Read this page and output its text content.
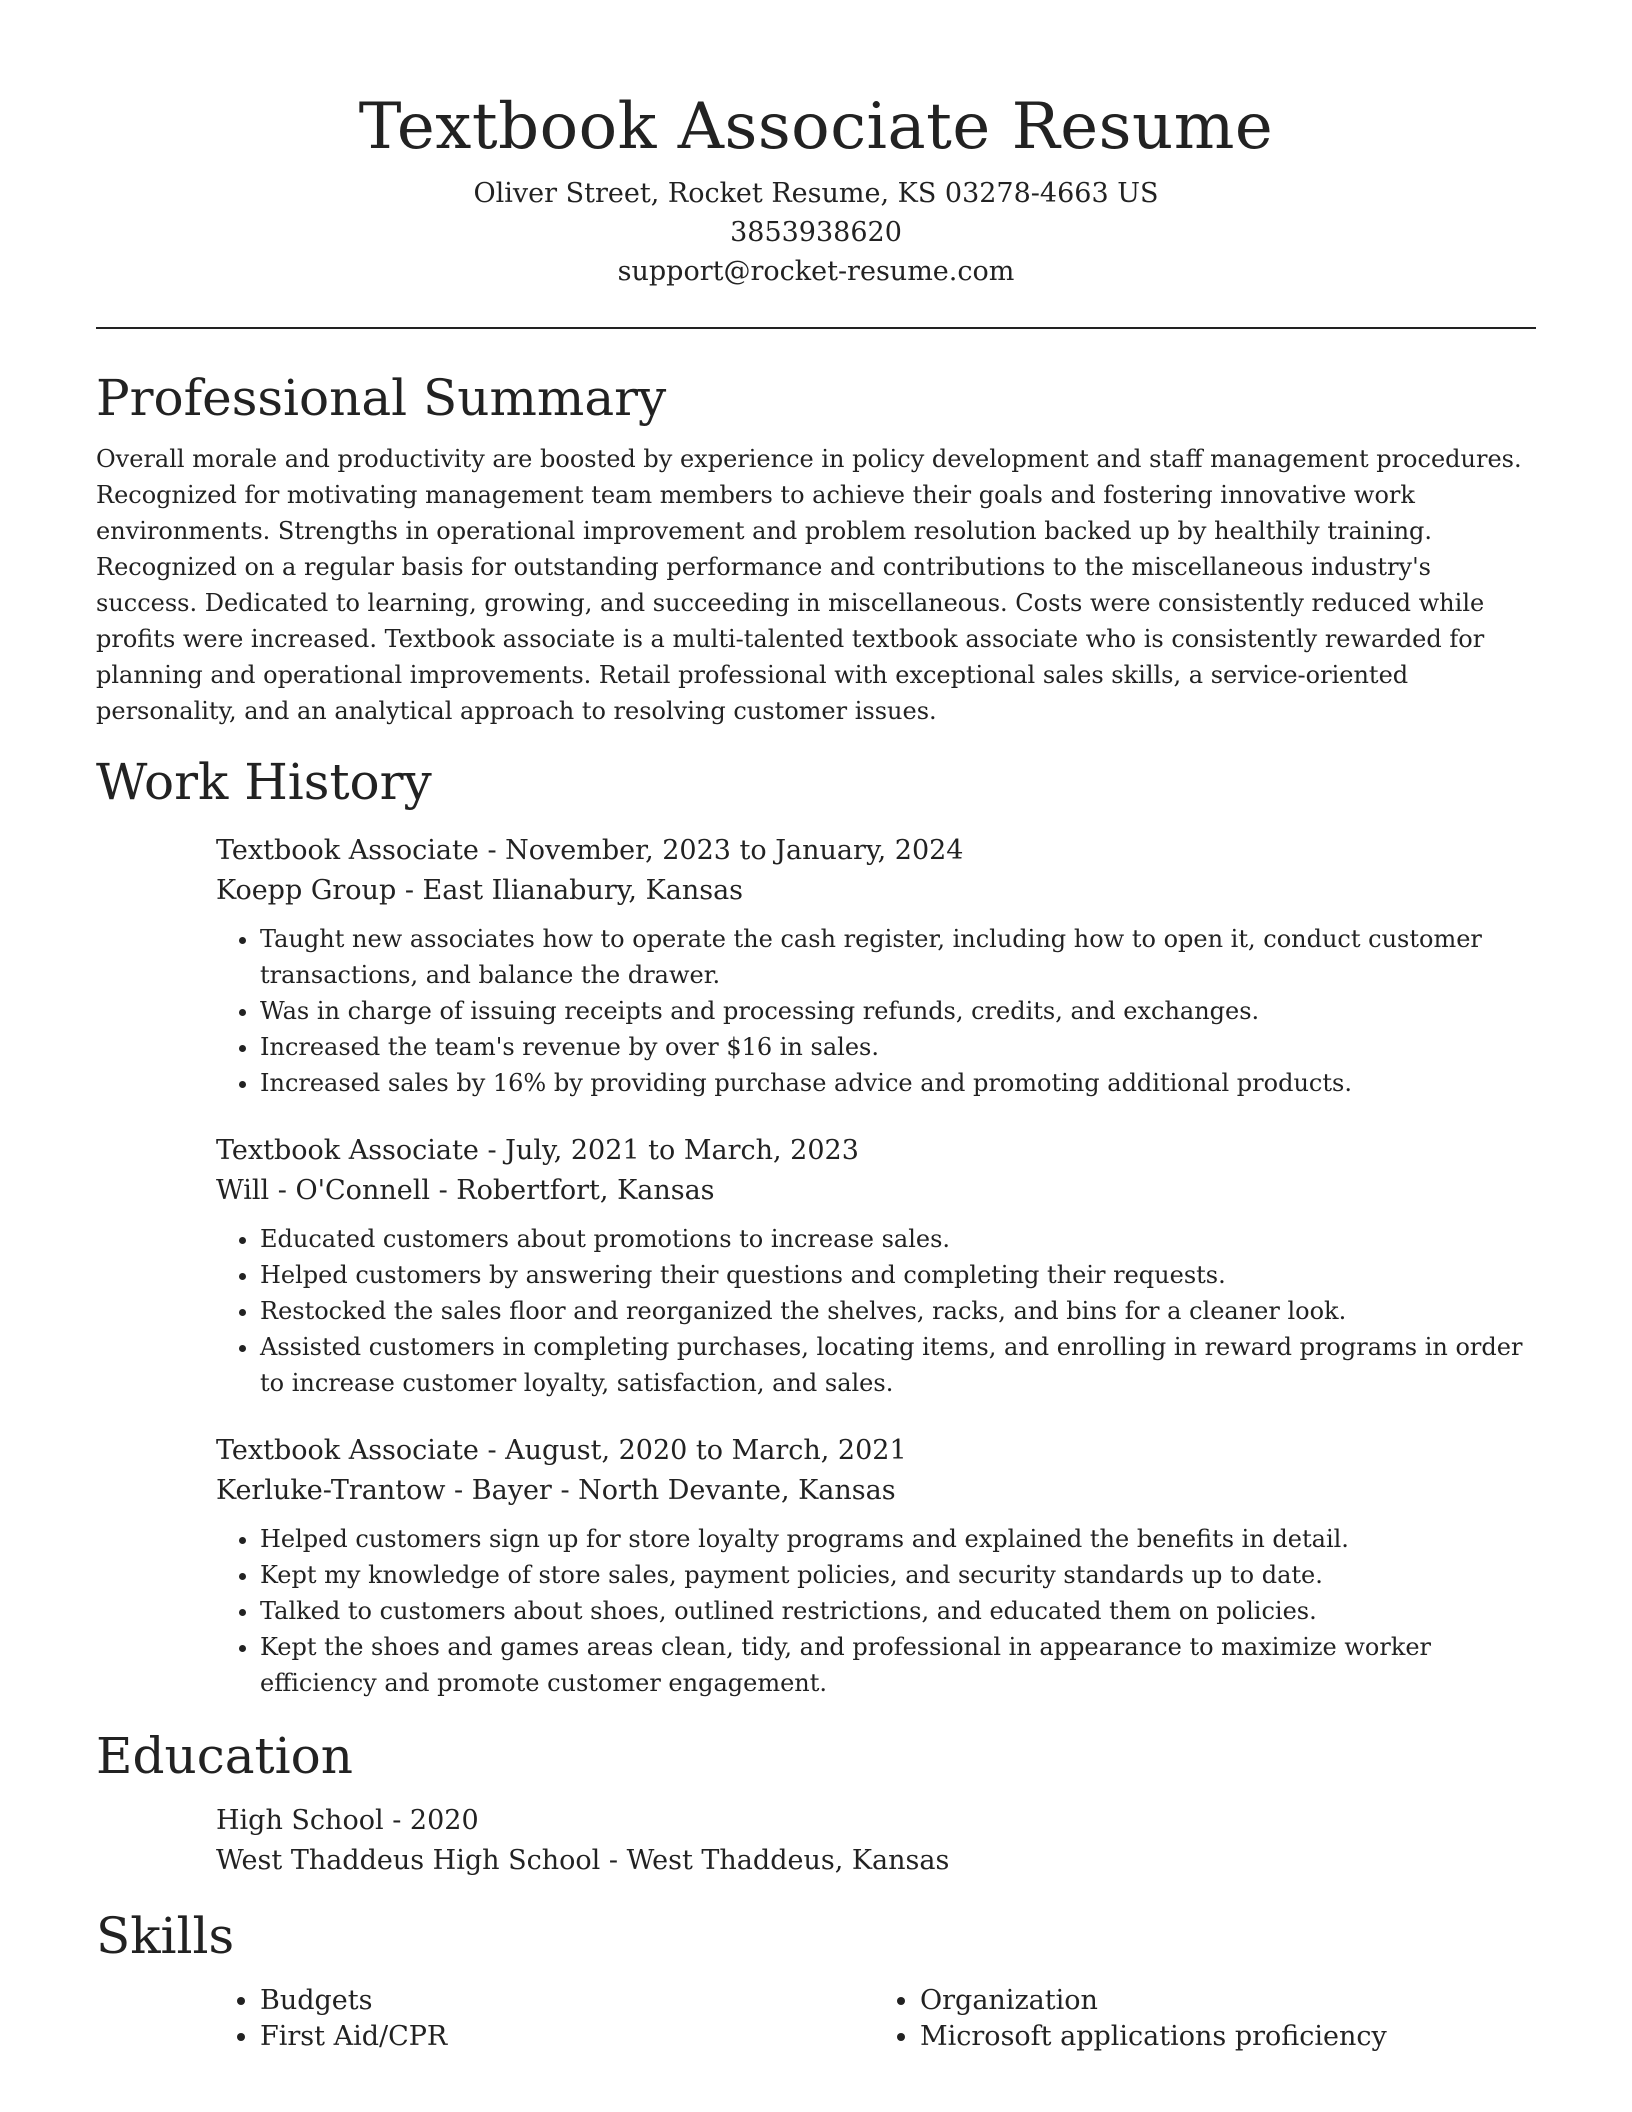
Textbook Associate Resume
Oliver Street, Rocket Resume, KS 03278-4663 US
3853938620
support@rocket-resume.com
Professional Summary

Overall morale and productivity are boosted by experience in policy development and staff management procedures. Recognized for motivating management team members to achieve their goals and fostering innovative work environments. Strengths in operational improvement and problem resolution backed up by healthily training. Recognized on a regular basis for outstanding performance and contributions to the miscellaneous industry's success. Dedicated to learning, growing, and succeeding in miscellaneous. Costs were consistently reduced while profits were increased. Textbook associate is a multi-talented textbook associate who is consistently rewarded for planning and operational improvements. Retail professional with exceptional sales skills, a service-oriented personality, and an analytical approach to resolving customer issues.

Work History
Textbook Associate - November, 2023 to January, 2024
Koepp Group - East Ilianabury, Kansas
• Taught new associates how to operate the cash register, including how to open it, conduct customer transactions, and balance the drawer.
• Was in charge of issuing receipts and processing refunds, credits, and exchanges.
• Increased the team's revenue by over $16 in sales.
• Increased sales by 16% by providing purchase advice and promoting additional products.
Textbook Associate - July, 2021 to March, 2023
Will - O'Connell - Robertfort, Kansas
• Educated customers about promotions to increase sales.
• Helped customers by answering their questions and completing their requests.
• Restocked the sales floor and reorganized the shelves, racks, and bins for a cleaner look.
• Assisted customers in completing purchases, locating items, and enrolling in reward programs in order to increase customer loyalty, satisfaction, and sales.
Textbook Associate - August, 2020 to March, 2021
Kerluke-Trantow - Bayer - North Devante, Kansas
• Helped customers sign up for store loyalty programs and explained the benefits in detail.
• Kept my knowledge of store sales, payment policies, and security standards up to date.
• Talked to customers about shoes, outlined restrictions, and educated them on policies.
• Kept the shoes and games areas clean, tidy, and professional in appearance to maximize worker efficiency and promote customer engagement.
Education
High School - 2020
West Thaddeus High School - West Thaddeus, Kansas
Skills
• Budgets
• First Aid/CPR
• Organization
• Microsoft applications proficiency
